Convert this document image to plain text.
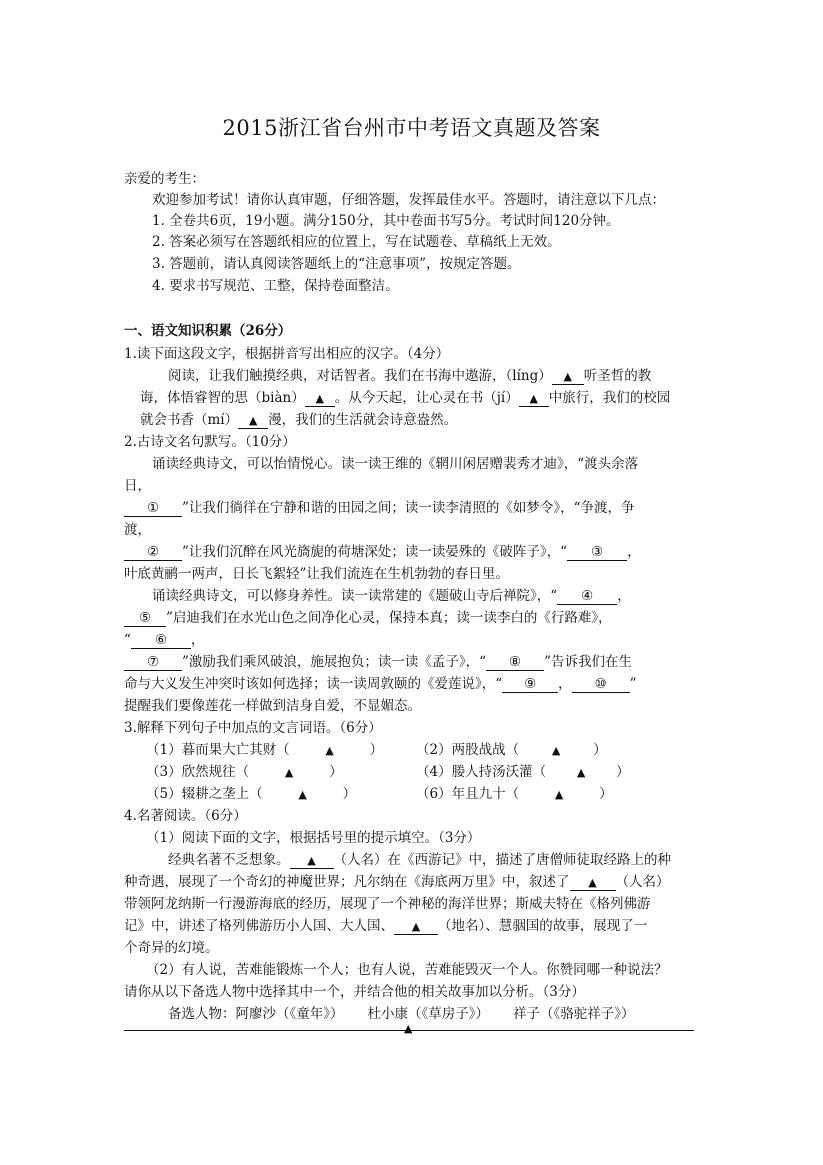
2015浙江省台州市中考语文真题及答案
亲爱的考生：
欢迎参加考试！请你认真审题，仔细答题，发挥最佳水平。答题时，请注意以下几点：
1. 全卷共6页，19小题。满分150分，其中卷面书写5分。考试时间120分钟。
2. 答案必须写在答题纸相应的位置上，写在试题卷、草稿纸上无效。
3. 答题前，请认真阅读答题纸上的“注意事项”，按规定答题。
4. 要求书写规范、工整，保持卷面整洁。
一、语文知识积累（26分）
1.读下面这段文字，根据拼音写出相应的汉字。（4分）
阅读，让我们触摸经典，对话智者。我们在书海中遨游，（líng） ▲ 听圣哲的教
诲，体悟睿智的思（biàn） ▲ 。从今天起，让心灵在书（jí） ▲ 中旅行，我们的校园
就会书香（mí） ▲ 漫，我们的生活就会诗意盎然。
2.古诗文名句默写。（10分）
诵读经典诗文，可以怡情悦心。读一读王维的《辋川闲居赠裴秀才迪》，“渡头余落
日，
① ”让我们徜徉在宁静和谐的田园之间；读一读李清照的《如梦令》，“争渡，争
渡，
② ”让我们沉醉在风光旖旎的荷塘深处；读一读晏殊的《破阵子》，“ ③ ，
叶底黄鹂一两声，日长飞絮轻”让我们流连在生机勃勃的春日里。
诵读经典诗文，可以修身养性。读一读常建的《题破山寺后禅院》，“ ④ ，
⑤ ”启迪我们在水光山色之间净化心灵，保持本真；读一读李白的《行路难》，
“ ⑥ ，
⑦ ”激励我们乘风破浪，施展抱负；读一读《孟子》，“ ⑧ ”告诉我们在生
命与大义发生冲突时该如何选择；读一读周敦颐的《爱莲说》，“ ⑨ ， ⑩ ”
提醒我们要像莲花一样做到洁身自爱，不显媚态。
3.解释下列句子中加点的文言词语。（6分）
（1）暮而果大亡其财（	▲	） （2）两股战战（	▲ ）
（3）欣然规往（	▲	）	（4）媵人持汤沃灌（	▲ ）
（5）辍耕之垄上（	▲	）	（6）年且九十（	▲	）
4.名著阅读。（6分）
（1）阅读下面的文字，根据括号里的提示填空。（3分）
经典名著不乏想象。 ▲ （人名）在《西游记》中，描述了唐僧师徒取经路上的种
种奇遇，展现了一个奇幻的神魔世界；凡尔纳在《海底两万里》中，叙述了 ▲ （人名）
带领阿龙纳斯一行漫游海底的经历，展现了一个神秘的海洋世界；斯威夫特在《格列佛游
记》中，讲述了格列佛游历小人国、大人国、 ▲ （地名）、慧骃国的故事，展现了一
个奇异的幻境。
（2）有人说，苦难能锻炼一个人；也有人说，苦难能毁灭一个人。你赞同哪一种说法？
请你从以下备选人物中选择其中一个，并结合他的相关故事加以分析。（3分）
备选人物：阿廖沙（《童年》） 杜小康（《草房子》） 祥子（《骆驼祥子》）
▲
